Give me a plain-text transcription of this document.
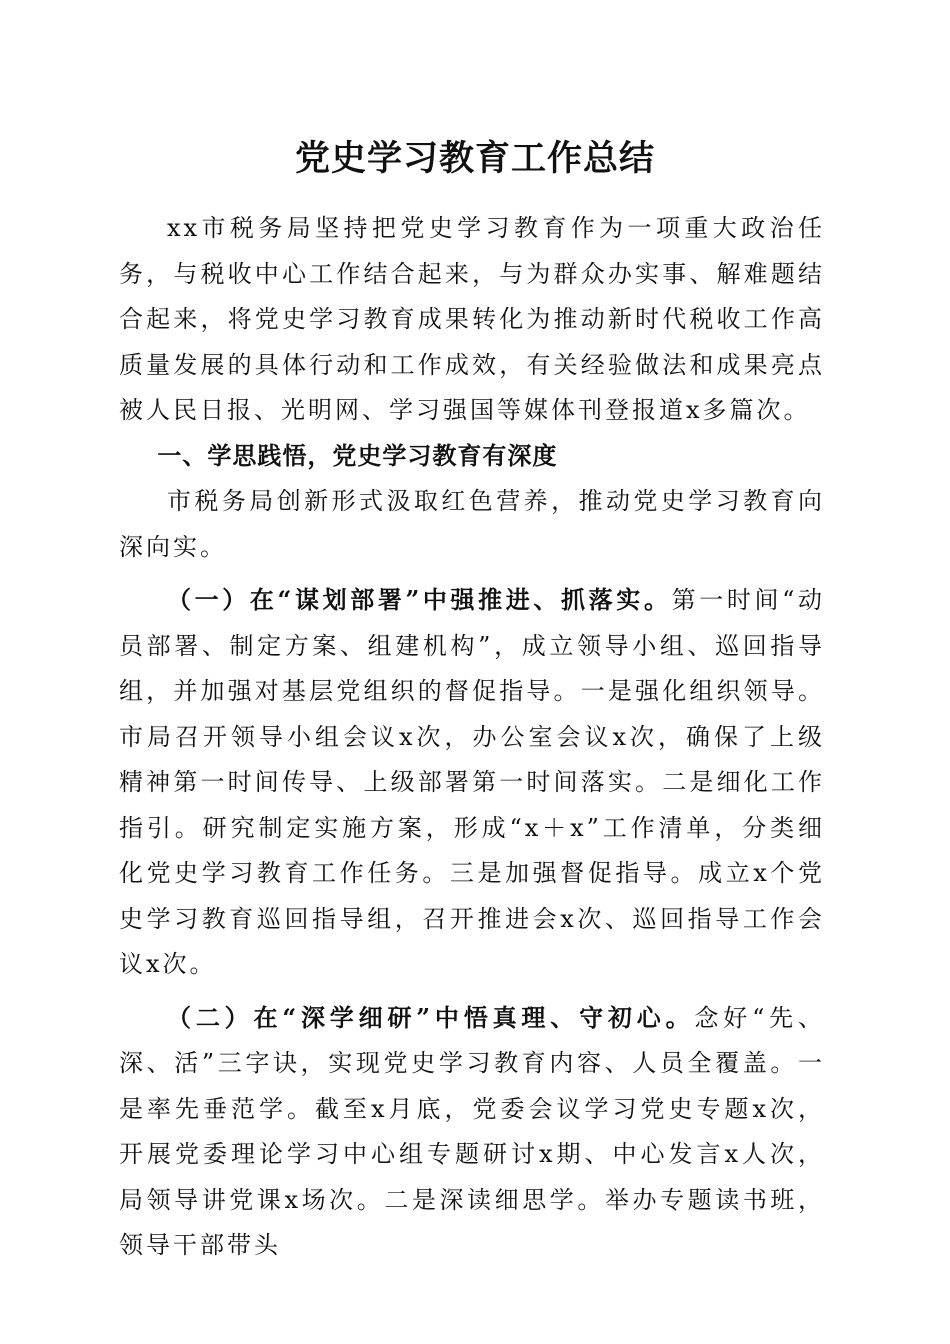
党史学习教育工作总结

xx市税务局坚持把党史学习教育作为一项重大政治任务，与税收中心工作结合起来，与为群众办实事、解难题结合起来，将党史学习教育成果转化为推动新时代税收工作高质量发展的具体行动和工作成效，有关经验做法和成果亮点被人民日报、光明网、学习强国等媒体刊登报道x多篇次。

一、学思践悟，党史学习教育有深度

市税务局创新形式汲取红色营养，推动党史学习教育向深向实。

（一）在“谋划部署”中强推进、抓落实。第一时间“动员部署、制定方案、组建机构”，成立领导小组、巡回指导组，并加强对基层党组织的督促指导。一是强化组织领导。市局召开领导小组会议x次，办公室会议x次，确保了上级精神第一时间传导、上级部署第一时间落实。二是细化工作指引。研究制定实施方案，形成“x＋x”工作清单，分类细化党史学习教育工作任务。三是加强督促指导。成立x个党史学习教育巡回指导组，召开推进会x次、巡回指导工作会议x次。

（二）在“深学细研”中悟真理、守初心。念好“先、深、活”三字诀，实现党史学习教育内容、人员全覆盖。一是率先垂范学。截至x月底，党委会议学习党史专题x次，开展党委理论学习中心组专题研讨x期、中心发言x人次，局领导讲党课x场次。二是深读细思学。举办专题读书班，领导干部带头
